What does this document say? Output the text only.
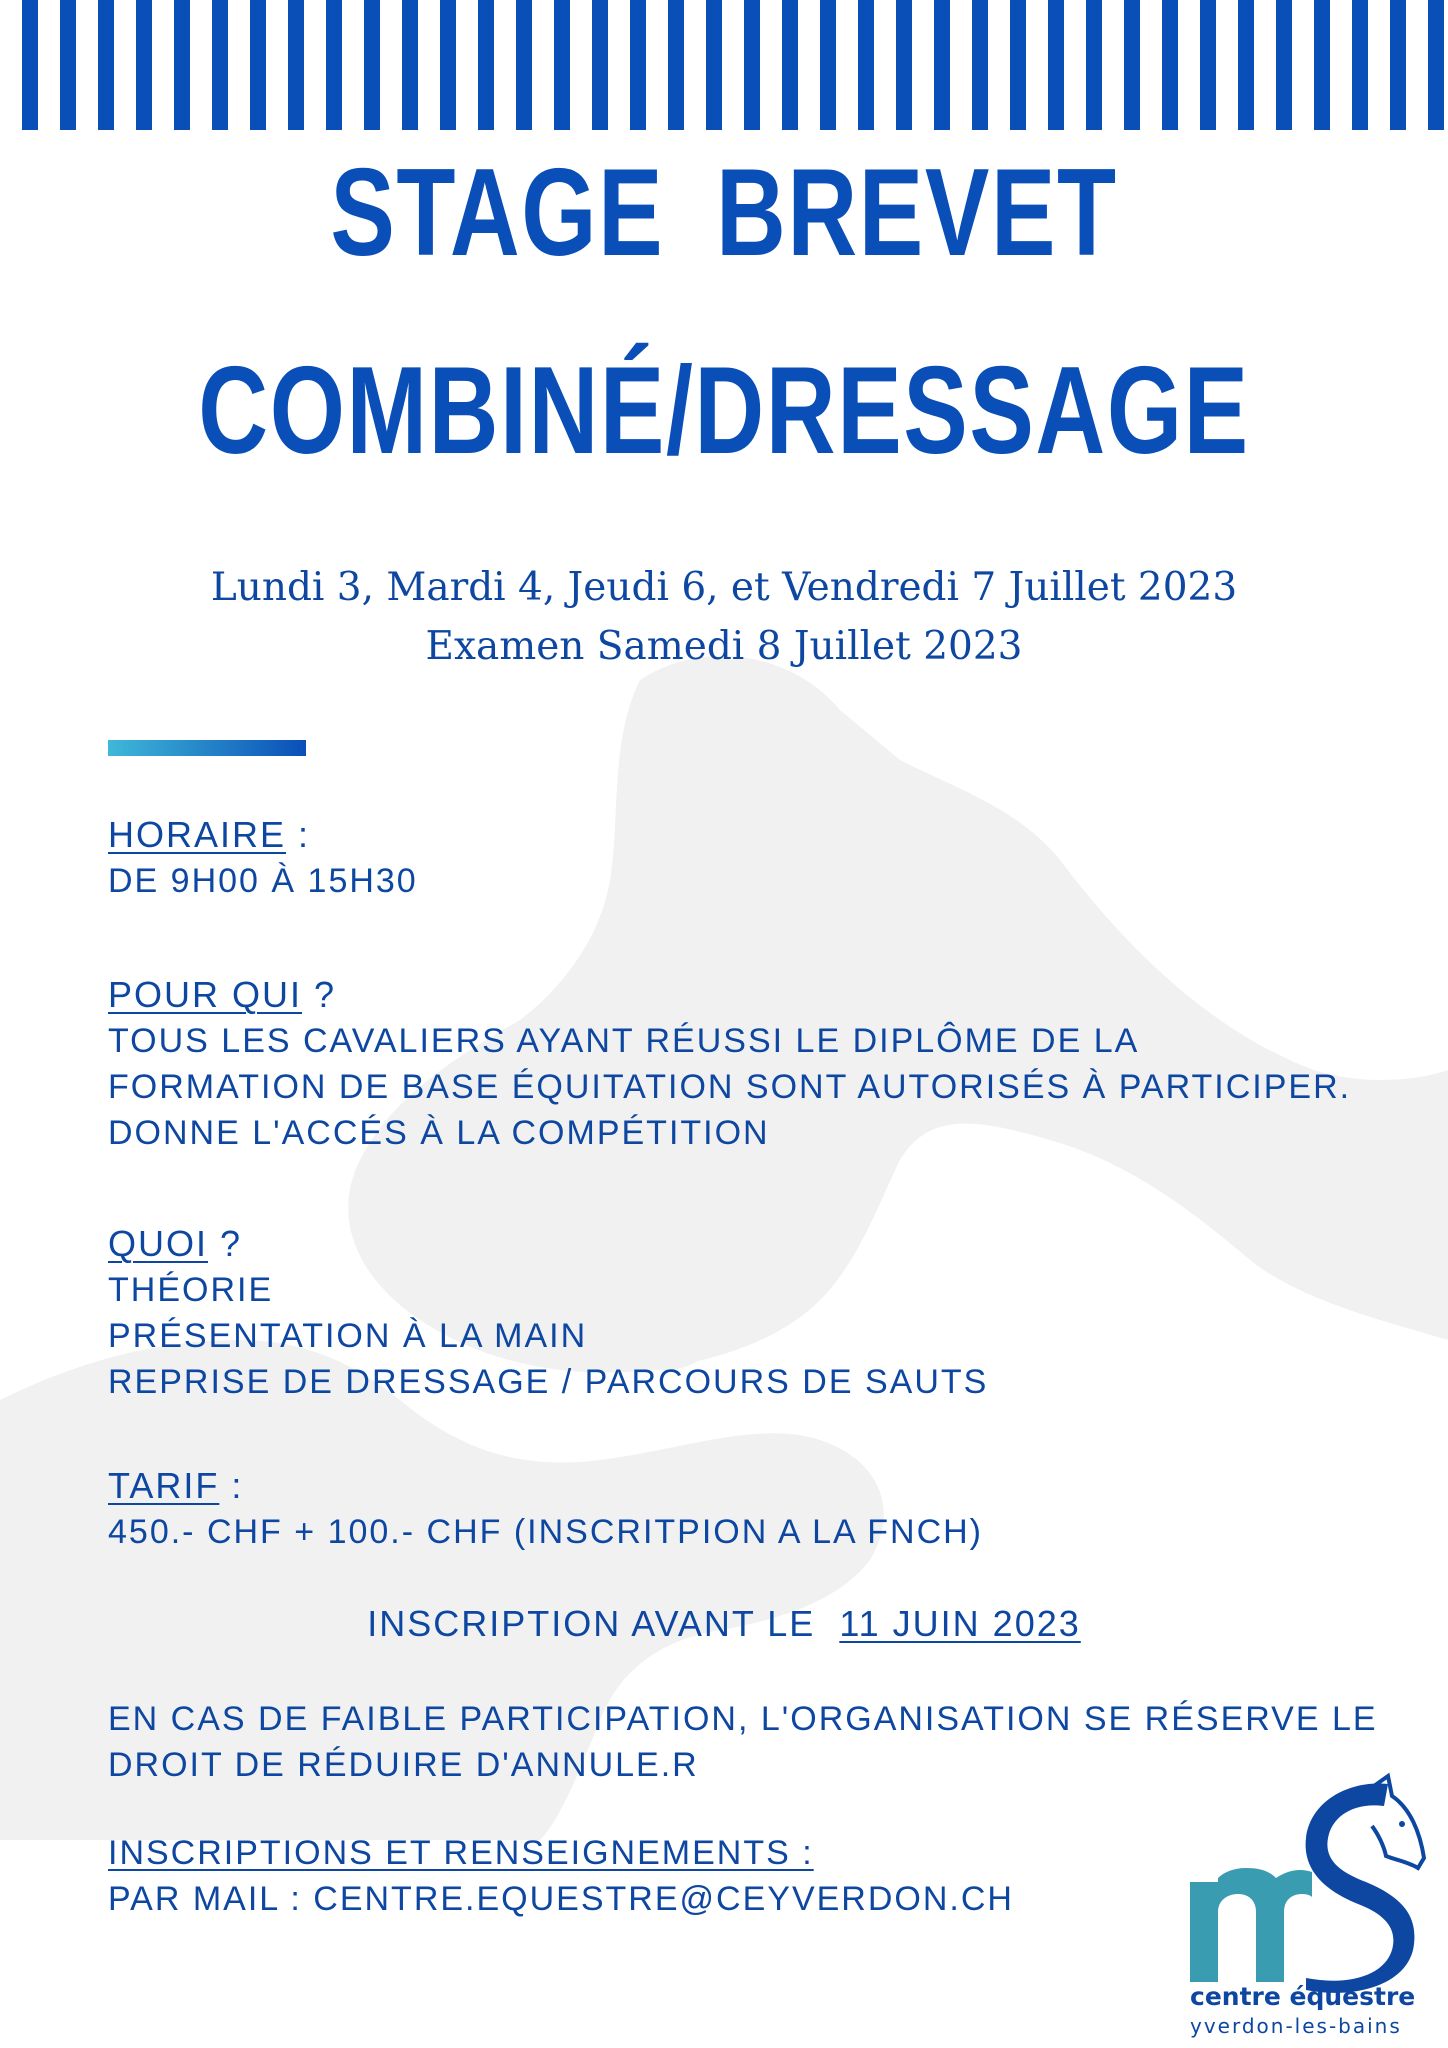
STAGE BREVET
COMBINÉ/DRESSAGE
Lundi 3, Mardi 4, Jeudi 6, et Vendredi 7 Juillet 2023
Examen Samedi 8 Juillet 2023
HORAIRE :
DE 9H00 À 15H30
POUR QUI ?
TOUS LES CAVALIERS AYANT RÉUSSI LE DIPLÔME DE LA
FORMATION DE BASE ÉQUITATION SONT AUTORISÉS À PARTICIPER.
DONNE L'ACCÉS À LA COMPÉTITION
QUOI ?
THÉORIE
PRÉSENTATION À LA MAIN
REPRISE DE DRESSAGE / PARCOURS DE SAUTS
TARIF :
450.- CHF + 100.- CHF (INSCRITPION A LA FNCH)
INSCRIPTION AVANT LE  11 JUIN 2023
EN CAS DE FAIBLE PARTICIPATION, L'ORGANISATION SE RÉSERVE LE
DROIT DE RÉDUIRE D'ANNULE.R
INSCRIPTIONS ET RENSEIGNEMENTS :
PAR MAIL : CENTRE.EQUESTRE@CEYVERDON.CH
centre équestre
yverdon-les-bains
